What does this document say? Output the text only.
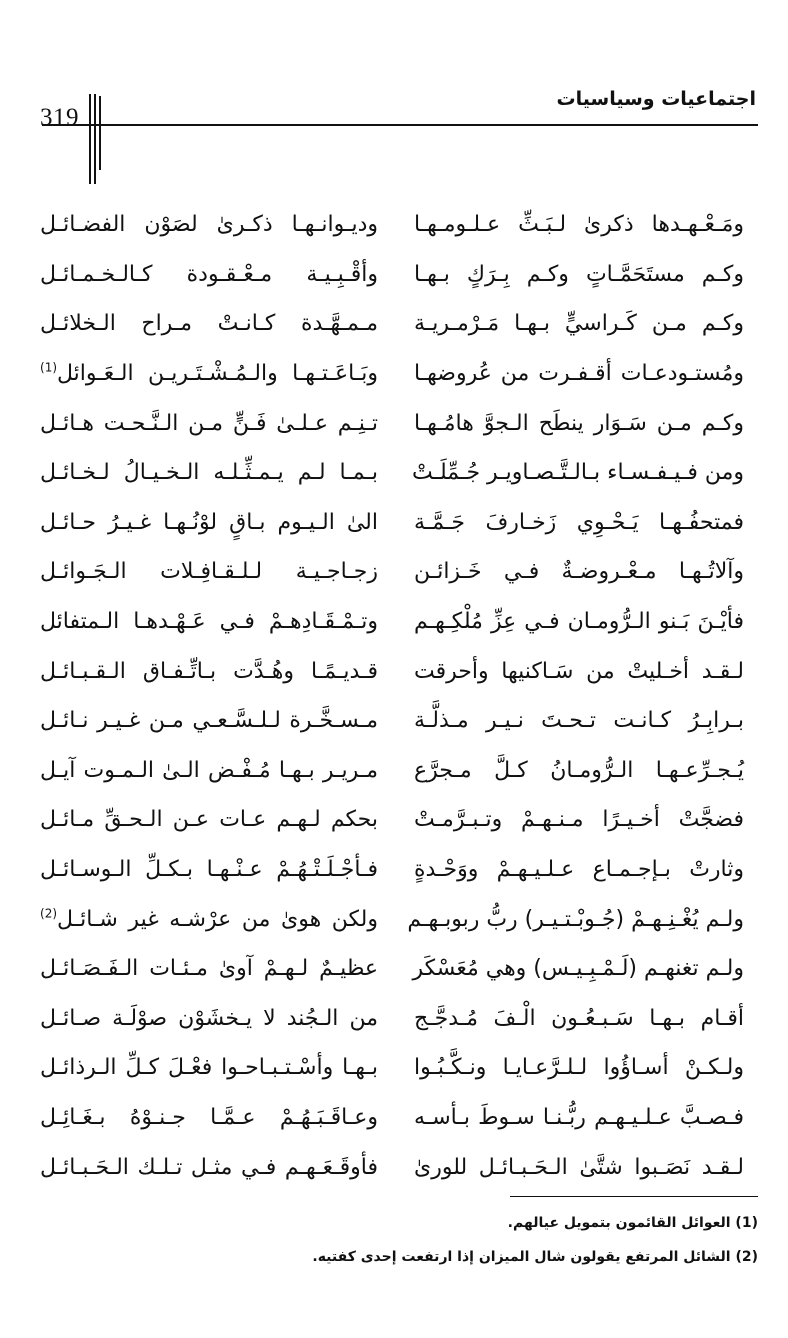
اجتماعيات وسياسيات
319
ومَـعْـهـدها ذكرىٰ لـبَـثِّ عـلـومـهـا
وديـوانـهـا ذكـرىٰ لصَوْن الفضـائـل
وكـم مستَحَمَّـاتٍ وكـم بِـرَكٍ بـهـا
وأقْـبِـيـة مـعْـقـودة كـالـخـمـائـل
وكـم مـن كَـراسيٍّ بـهـا مَـرْمـريـة
مـمـهَّـدة كـانـتْ مـراح الـخلائـل
ومُستـودعـات أقـفـرت من عُروضهـا
وبَـاعَـتـهـا والـمُـشْـتَـريـن الـعَـوائل$^{(1)}$
وكـم مـن سَـوَار ينطَح الـجوَّ هامُـهـا
تـنِـم عـلـىٰ فَـنٍّ مـن الـنَّـحـت هـائـل
ومن فـيـفـسـاء بـالـتَّـصـاويـر جُـمِّلَـتْ
بـمـا لـم يـمـثِّـلـه الـخـيـالُ لـخـائـل
فمتحفُـهـا يَـحْـوِي زَخـارفَ جَـمَّـة
الىٰ الـيـوم بـاقٍ لوْنُـهـا غـيـرُ حـائـل
وآلاتُـهـا مـعْـروضـةٌ فـي خَـزائـن
زجـاجـيـة لـلـقـافِـلات الـجَـوائـل
فأيْـنَ بَـنو الـرُّومـان فـي عِزِّ مُلْكِـهـم
وتـمْـقَـادِهـمْ فـي عَـهْـدهـا الـمتفائل
لـقـد أخـليتْ من سَـاكنيها وأحرقت
قـديـمًـا وهُـدَّت بـاتِّـفـاق الـقـبـائـل
بـرابِـرُ كـانـت تـحـتَ نـيـر مـذلَّـة
مـسـخَّـرة لـلـسَّـعـي مـن غـيـر نـائـل
يُـجـرِّعـهـا الـرُّومـانُ كـلَّ مـجرَّع
مـريـر بـهـا مُـفْـض الـىٰ الـمـوت آيـل
فضجَّتْ أخـيـرًا مـنـهـمْ وتـبـرَّمـتْ
بحكم لـهـم عـات عـن الـحـقِّ مـائـل
وثارتْ بـإجـمـاع عـلـيـهـمْ ووَحْـدةٍ
فـأجْـلَـتْـهُـمْ عـنْـهـا بـكـلِّ الـوسـائـل
ولـم يُغْـنِـهـمْ (جُـوبْـتـيـر) ربُّ ربوبـهـم
ولكن هوىٰ من عرْشـه غير شـائـل$^{(2)}$
ولـم تغنهـم (لَـمْـبِـيـس) وهي مُعَسْكَر
عظيـمٌ لـهـمْ آوىٰ مـئـات الـفَـصَـائـل
أقـام بـهـا سَـبـعُـون الْـفَ مُـدجَّـج
من الـجُند لا يـخشَوْن صوْلَـة صـائـل
ولـكـنْ أسـاؤُوا لـلـرَّعـايـا ونـكَّـبُـوا
بـهـا وأسْـتـبـاحـوا فعْـلَ كـلِّ الـرذائـل
فـصـبَّ عـلـيـهـم ربُّـنـا سـوطَ بـأسـه
وعـاقَـبَـهُـمْ عـمَّـا جـنـوْهُ بـغَـائِـل
لـقـد نَصَـبوا شتَّىٰ الـحَـبـائـل للورىٰ
فأوقَـعَـهـم فـي مثـل تـلـك الـحَـبـائـل
(1) العوائل القائمون بتمويل عيالهم.
(2) الشائل المرتفع يقولون شال الميزان إذا ارتفعت إحدى كفتيه.
